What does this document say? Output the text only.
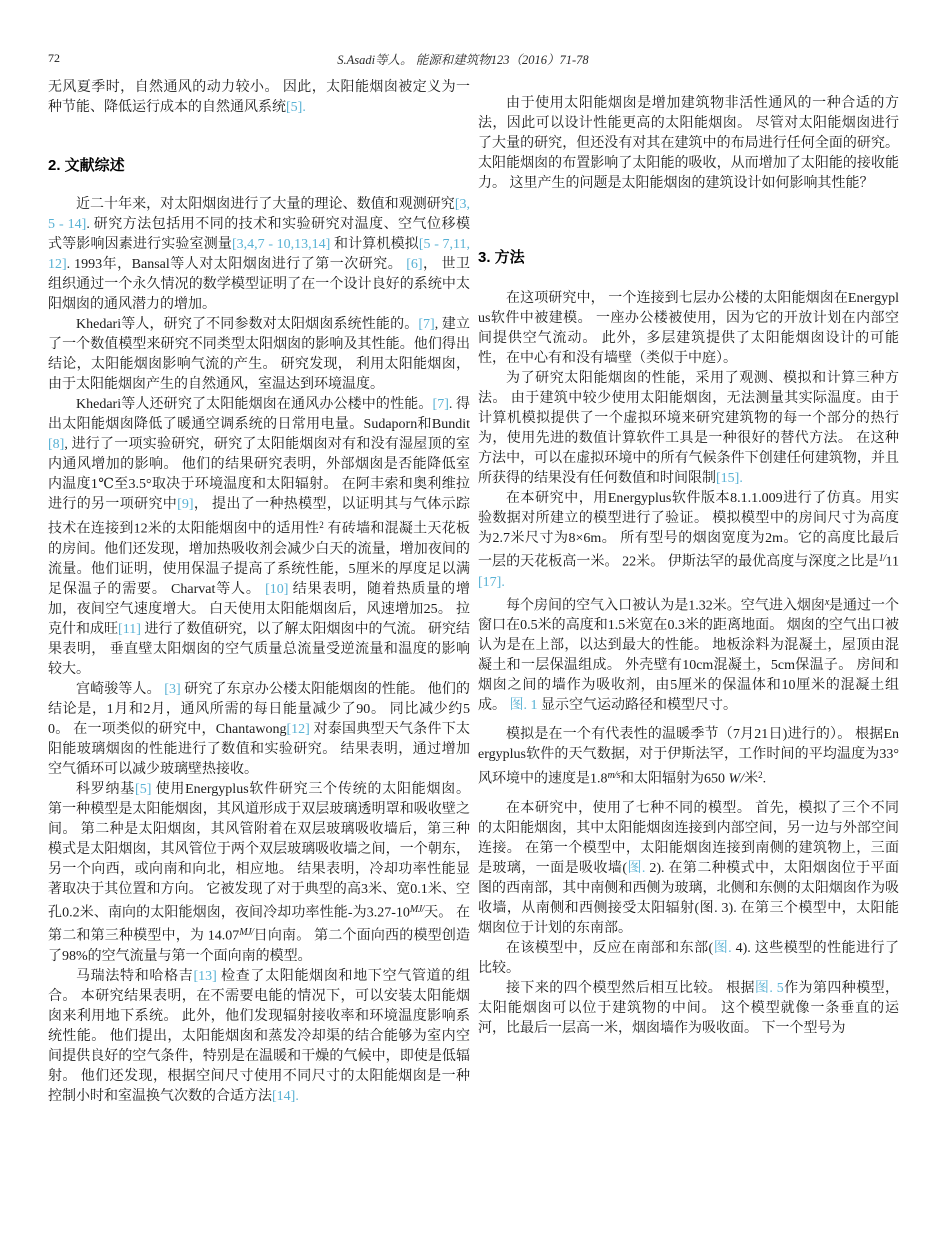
72	S.Asadi等人。 能源和建筑物123（2016）71-78

无风夏季时，自然通风的动力较小。 因此，太阳能烟囱被定义为一种节能、降低运行成本的自然通风系统[5].

2. 文献综述

近二十年来，对太阳烟囱进行了大量的理论、数值和观测研究[3,5 - 14]. 研究方法包括用不同的技术和实验研究对温度、空气位移模式等影响因素进行实验室测量[3,4,7 - 10,13,14] 和计算机模拟[5 - 7,11,12]. 1993年，Bansal等人对太阳烟囱进行了第一次研究。 [6]， 世卫组织通过一个永久情况的数学模型证明了在一个设计良好的系统中太阳烟囱的通风潜力的增加。

Khedari等人，研究了不同参数对太阳烟囱系统性能的。[7], 建立了一个数值模型来研究不同类型太阳烟囱的影响及其性能。他们得出结论，太阳能烟囱影响气流的产生。 研究发现， 利用太阳能烟囱，由于太阳能烟囱产生的自然通风，室温达到环境温度。

Khedari等人还研究了太阳能烟囱在通风办公楼中的性能。[7]. 得出太阳能烟囱降低了暖通空调系统的日常用电量。Sudaporn和Bundit[8], 进行了一项实验研究，研究了太阳能烟囱对有和没有湿屋顶的室内通风增加的影响。 他们的结果研究表明，外部烟囱是否能降低室内温度1℃至3.5°取决于环境温度和太阳辐射。 在阿丰索和奥利维拉进行的另一项研究中[9]， 提出了一种热模型，以证明其与气体示踪技术在连接到12米的太阳能烟囱中的适用性$^2$ 有砖墙和混凝土天花板的房间。他们还发现，增加热吸收剂会减少白天的流量，增加夜间的流量。他们证明，使用保温子提高了系统性能，5厘米的厚度足以满足保温子的需要。 Charvat等人。 [10] 结果表明，随着热质量的增加，夜间空气速度增大。 白天使用太阳能烟囱后，风速增加25。 拉克什和成旺[11] 进行了数值研究，以了解太阳烟囱中的气流。 研究结果表明， 垂直壁太阳烟囱的空气质量总流量受逆流量和温度的影响较大。

宫崎骏等人。 [3] 研究了东京办公楼太阳能烟囱的性能。 他们的结论是，1月和2月，通风所需的每日能量减少了90。 同比减少约50。 在一项类似的研究中，Chantawong[12] 对泰国典型天气条件下太阳能玻璃烟囱的性能进行了数值和实验研究。 结果表明，通过增加空气循环可以减少玻璃壁热接收。

科罗纳基[5] 使用Energyplus软件研究三个传统的太阳能烟囱。 第一种模型是太阳能烟囱，其风道形成于双层玻璃透明罩和吸收壁之间。 第二种是太阳烟囱，其风管附着在双层玻璃吸收墙后，第三种模式是太阳烟囱，其风管位于两个双层玻璃吸收墙之间，一个朝东，另一个向西，或向南和向北，相应地。 结果表明，冷却功率性能显著取决于其位置和方向。 它被发现了对于典型的高3米、宽0.1米、空孔0.2米、南向的太阳能烟囱，夜间冷却功率性能-为$3.27-10^{MJ/}$天。 在第二和第三种模型中，为 $14.07^{MJ/}$日向南。 第二个面向西的模型创造了98%的空气流量与第一个面向南的模型。

马瑞法特和哈格吉[13] 检查了太阳能烟囱和地下空气管道的组合。 本研究结果表明，在不需要电能的情况下，可以安装太阳能烟囱来利用地下系统。 此外，他们发现辐射接收率和环境温度影响系统性能。 他们提出，太阳能烟囱和蒸发冷却渠的结合能够为室内空间提供良好的空气条件，特别是在温暖和干燥的气候中，即使是低辐射。 他们还发现，根据空间尺寸使用不同尺寸的太阳能烟囱是一种控制小时和室温换气次数的合适方法[14].

由于使用太阳能烟囱是增加建筑物非活性通风的一种合适的方法，因此可以设计性能更高的太阳能烟囱。 尽管对太阳能烟囱进行了大量的研究，但还没有对其在建筑中的布局进行任何全面的研究。 太阳能烟囱的布置影响了太阳能的吸收，从而增加了太阳能的接收能力。 这里产生的问题是太阳能烟囱的建筑设计如何影响其性能？

3. 方法

在这项研究中， 一个连接到七层办公楼的太阳能烟囱在Energyplus软件中被建模。 一座办公楼被使用，因为它的开放计划在内部空间提供空气流动。 此外，多层建筑提供了太阳能烟囱设计的可能性，在中心有和没有墙壁（类似于中庭）。

为了研究太阳能烟囱的性能，采用了观测、模拟和计算三种方法。 由于建筑中较少使用太阳能烟囱，无法测量其实际温度。由于计算机模拟提供了一个虚拟环境来研究建筑物的每一个部分的热行为，使用先进的数值计算软件工具是一种很好的替代方法。 在这种方法中，可以在虚拟环境中的所有气候条件下创建任何建筑物，并且所获得的结果没有任何数值和时间限制[15].

在本研究中，用Energyplus软件版本8.1.1.009进行了仿真。用实验数据对所建立的模型进行了验证。 模拟模型中的房间尺寸为高度为2.7米尺寸为8×6m。 所有型号的烟囱宽度为2m。它的高度比最后一层的天花板高一米。 22米。 伊斯法罕的最优高度与深度之比是$^{1/}$11 [17].

每个房间的空气入口被认为是1.32米。空气进入烟囱$^x$是通过一个窗口在0.5米的高度和1.5米宽在0.3米的距离地面。 烟囱的空气出口被认为是在上部，以达到最大的性能。 地板涂料为混凝土，屋顶由混凝土和一层保温组成。 外壳壁有10cm混凝土，5cm保温子。 房间和烟囱之间的墙作为吸收剂，由5厘米的保温体和10厘米的混凝土组成。 图. 1 显示空气运动路径和模型尺寸。

模拟是在一个有代表性的温暖季节（7月21日)进行的）。 根据Energyplus软件的天气数据，对于伊斯法罕，工作时间的平均温度为33°风环境中的速度是$1.8^{m/s}$和太阳辐射为650 W/米$^2$.

在本研究中，使用了七种不同的模型。 首先，模拟了三个不同的太阳能烟囱，其中太阳能烟囱连接到内部空间，另一边与外部空间连接。 在第一个模型中，太阳能烟囱连接到南侧的建筑物上，三面是玻璃，一面是吸收墙(图. 2). 在第二种模式中，太阳烟囱位于平面图的西南部，其中南侧和西侧为玻璃，北侧和东侧的太阳烟囱作为吸收墙，从南侧和西侧接受太阳辐射(图. 3). 在第三个模型中，太阳能烟囱位于计划的东南部。

在该模型中，反应在南部和东部(图. 4). 这些模型的性能进行了比较。

接下来的四个模型然后相互比较。 根据图. 5作为第四种模型，太阳能烟囱可以位于建筑物的中间。 这个模型就像一条垂直的运河，比最后一层高一米，烟囱墙作为吸收面。 下一个型号为
